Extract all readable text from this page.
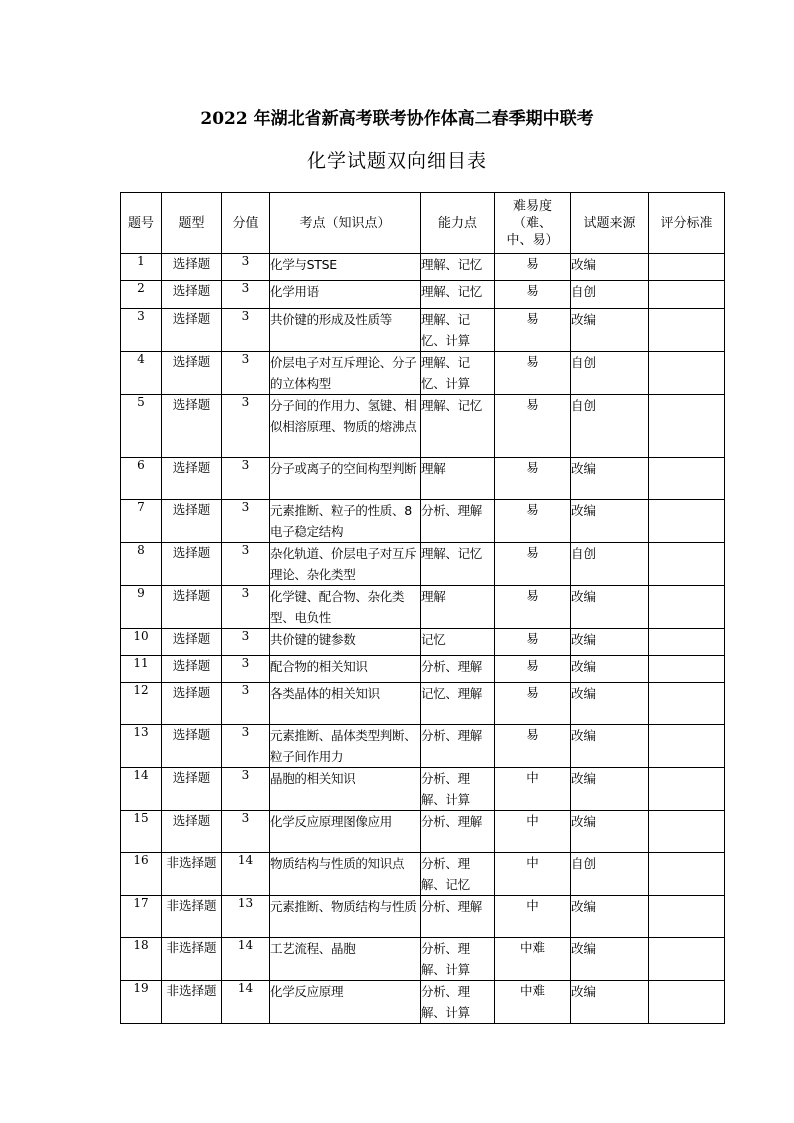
2022 年湖北省新高考联考协作体高二春季期中联考
化学试题双向细目表
题号	题型	分值	考点（知识点）	能力点	难易度（难、中、易）	试题来源	评分标准
1	选择题	3	化学与STSE	理解、记忆	易	改编	
2	选择题	3	化学用语	理解、记忆	易	自创	
3	选择题	3	共价键的形成及性质等	理解、记忆、计算	易	改编	
4	选择题	3	价层电子对互斥理论、分子的立体构型	理解、记忆、计算	易	自创	
5	选择题	3	分子间的作用力、氢键、相似相溶原理、物质的熔沸点	理解、记忆	易	自创	
6	选择题	3	分子或离子的空间构型判断	理解	易	改编	
7	选择题	3	元素推断、粒子的性质、8电子稳定结构	分析、理解	易	改编	
8	选择题	3	杂化轨道、价层电子对互斥理论、杂化类型	理解、记忆	易	自创	
9	选择题	3	化学键、配合物、杂化类型、电负性	理解	易	改编	
10	选择题	3	共价键的键参数	记忆	易	改编	
11	选择题	3	配合物的相关知识	分析、理解	易	改编	
12	选择题	3	各类晶体的相关知识	记忆、理解	易	改编	
13	选择题	3	元素推断、晶体类型判断、粒子间作用力	分析、理解	易	改编	
14	选择题	3	晶胞的相关知识	分析、理解、计算	中	改编	
15	选择题	3	化学反应原理图像应用	分析、理解	中	改编	
16	非选择题	14	物质结构与性质的知识点	分析、理解、记忆	中	自创	
17	非选择题	13	元素推断、物质结构与性质	分析、理解	中	改编	
18	非选择题	14	工艺流程、晶胞	分析、理解、计算	中难	改编	
19	非选择题	14	化学反应原理	分析、理解、计算	中难	改编	
